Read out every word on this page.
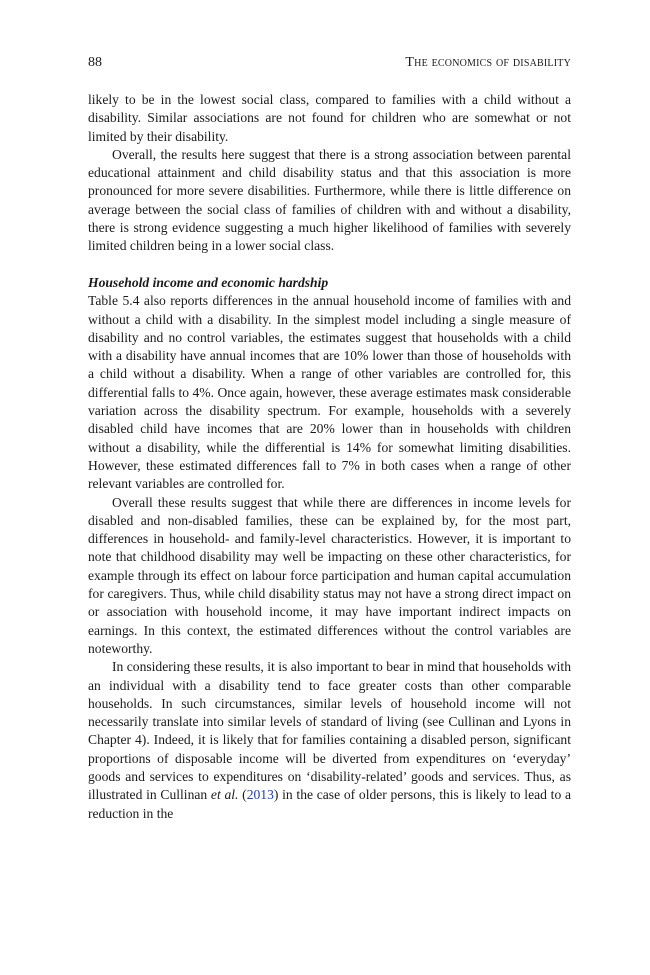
88	The economics of disability

likely to be in the lowest social class, compared to families with a child without a disability. Similar associations are not found for children who are somewhat or not limited by their disability.

Overall, the results here suggest that there is a strong association between parental educational attainment and child disability status and that this association is more pronounced for more severe disabilities. Furthermore, while there is little difference on average between the social class of families of children with and without a disability, there is strong evidence suggesting a much higher likelihood of families with severely limited children being in a lower social class.

Household income and economic hardship

Table 5.4 also reports differences in the annual household income of families with and without a child with a disability. In the simplest model including a single measure of disability and no control variables, the estimates suggest that households with a child with a disability have annual incomes that are 10% lower than those of households with a child without a disability. When a range of other variables are controlled for, this differential falls to 4%. Once again, however, these average estimates mask considerable variation across the disability spectrum. For example, households with a severely disabled child have incomes that are 20% lower than in households with children without a disability, while the differential is 14% for somewhat limiting disabilities. However, these estimated differences fall to 7% in both cases when a range of other relevant variables are controlled for.

Overall these results suggest that while there are differences in income levels for disabled and non-disabled families, these can be explained by, for the most part, differences in household- and family-level characteristics. However, it is important to note that childhood disability may well be impacting on these other characteristics, for example through its effect on labour force participation and human capital accumulation for caregivers. Thus, while child disability status may not have a strong direct impact on or association with household income, it may have important indirect impacts on earnings. In this context, the estimated differences without the control variables are noteworthy.

In considering these results, it is also important to bear in mind that households with an individual with a disability tend to face greater costs than other comparable households. In such circumstances, similar levels of household income will not necessarily translate into similar levels of standard of living (see Cullinan and Lyons in Chapter 4). Indeed, it is likely that for families containing a disabled person, significant proportions of disposable income will be diverted from expenditures on ‘everyday’ goods and services to expenditures on ‘disability-related’ goods and services. Thus, as illustrated in Cullinan et al. (2013) in the case of older persons, this is likely to lead to a reduction in the
